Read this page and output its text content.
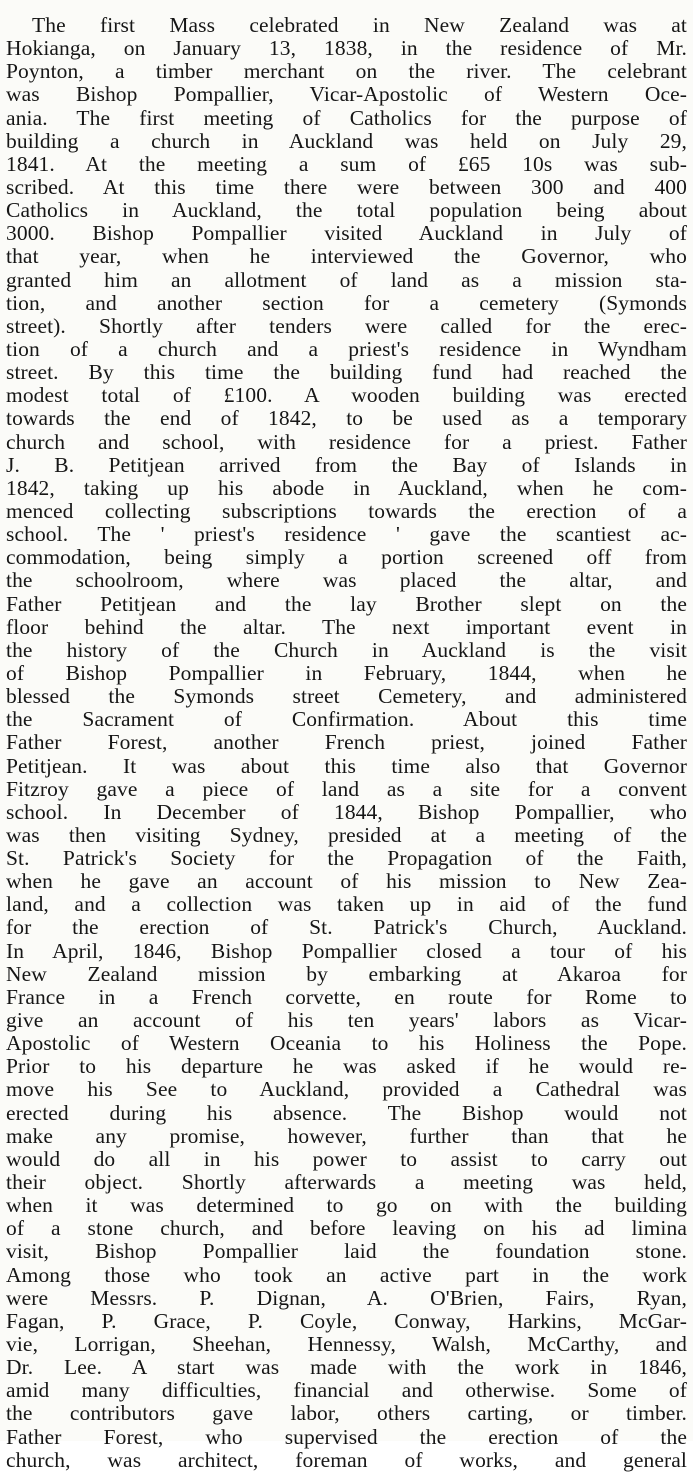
The first Mass celebrated in New Zealand was at
Hokianga, on January 13, 1838, in the residence of Mr.
Poynton, a timber merchant on the river. The celebrant
was Bishop Pompallier, Vicar-Apostolic of Western Oce-
ania. The first meeting of Catholics for the purpose of
building a church in Auckland was held on July 29,
1841. At the meeting a sum of £65 10s was sub-
scribed. At this time there were between 300 and 400
Catholics in Auckland, the total population being about
3000. Bishop Pompallier visited Auckland in July of
that year, when he interviewed the Governor, who
granted him an allotment of land as a mission sta-
tion, and another section for a cemetery (Symonds
street). Shortly after tenders were called for the erec-
tion of a church and a priest's residence in Wyndham
street. By this time the building fund had reached the
modest total of £100. A wooden building was erected
towards the end of 1842, to be used as a temporary
church and school, with residence for a priest. Father
J. B. Petitjean arrived from the Bay of Islands in
1842, taking up his abode in Auckland, when he com-
menced collecting subscriptions towards the erection of a
school. The ' priest's residence ' gave the scantiest ac-
commodation, being simply a portion screened off from
the schoolroom, where was placed the altar, and
Father Petitjean and the lay Brother slept on the
floor behind the altar. The next important event in
the history of the Church in Auckland is the visit
of Bishop Pompallier in February, 1844, when he
blessed the Symonds street Cemetery, and administered
the Sacrament of Confirmation. About this time
Father Forest, another French priest, joined Father
Petitjean. It was about this time also that Governor
Fitzroy gave a piece of land as a site for a convent
school. In December of 1844, Bishop Pompallier, who
was then visiting Sydney, presided at a meeting of the
St. Patrick's Society for the Propagation of the Faith,
when he gave an account of his mission to New Zea-
land, and a collection was taken up in aid of the fund
for the erection of St. Patrick's Church, Auckland.
In April, 1846, Bishop Pompallier closed a tour of his
New Zealand mission by embarking at Akaroa for
France in a French corvette, en route for Rome to
give an account of his ten years' labors as Vicar-
Apostolic of Western Oceania to his Holiness the Pope.
Prior to his departure he was asked if he would re-
move his See to Auckland, provided a Cathedral was
erected during his absence. The Bishop would not
make any promise, however, further than that he
would do all in his power to assist to carry out
their object. Shortly afterwards a meeting was held,
when it was determined to go on with the building
of a stone church, and before leaving on his ad limina
visit, Bishop Pompallier laid the foundation stone.
Among those who took an active part in the work
were Messrs. P. Dignan, A. O'Brien, Fairs, Ryan,
Fagan, P. Grace, P. Coyle, Conway, Harkins, McGar-
vie, Lorrigan, Sheehan, Hennessy, Walsh, McCarthy, and
Dr. Lee. A start was made with the work in 1846,
amid many difficulties, financial and otherwise. Some of
the contributors gave labor, others carting, or timber.
Father Forest, who supervised the erection of the
church, was architect, foreman of works, and general
